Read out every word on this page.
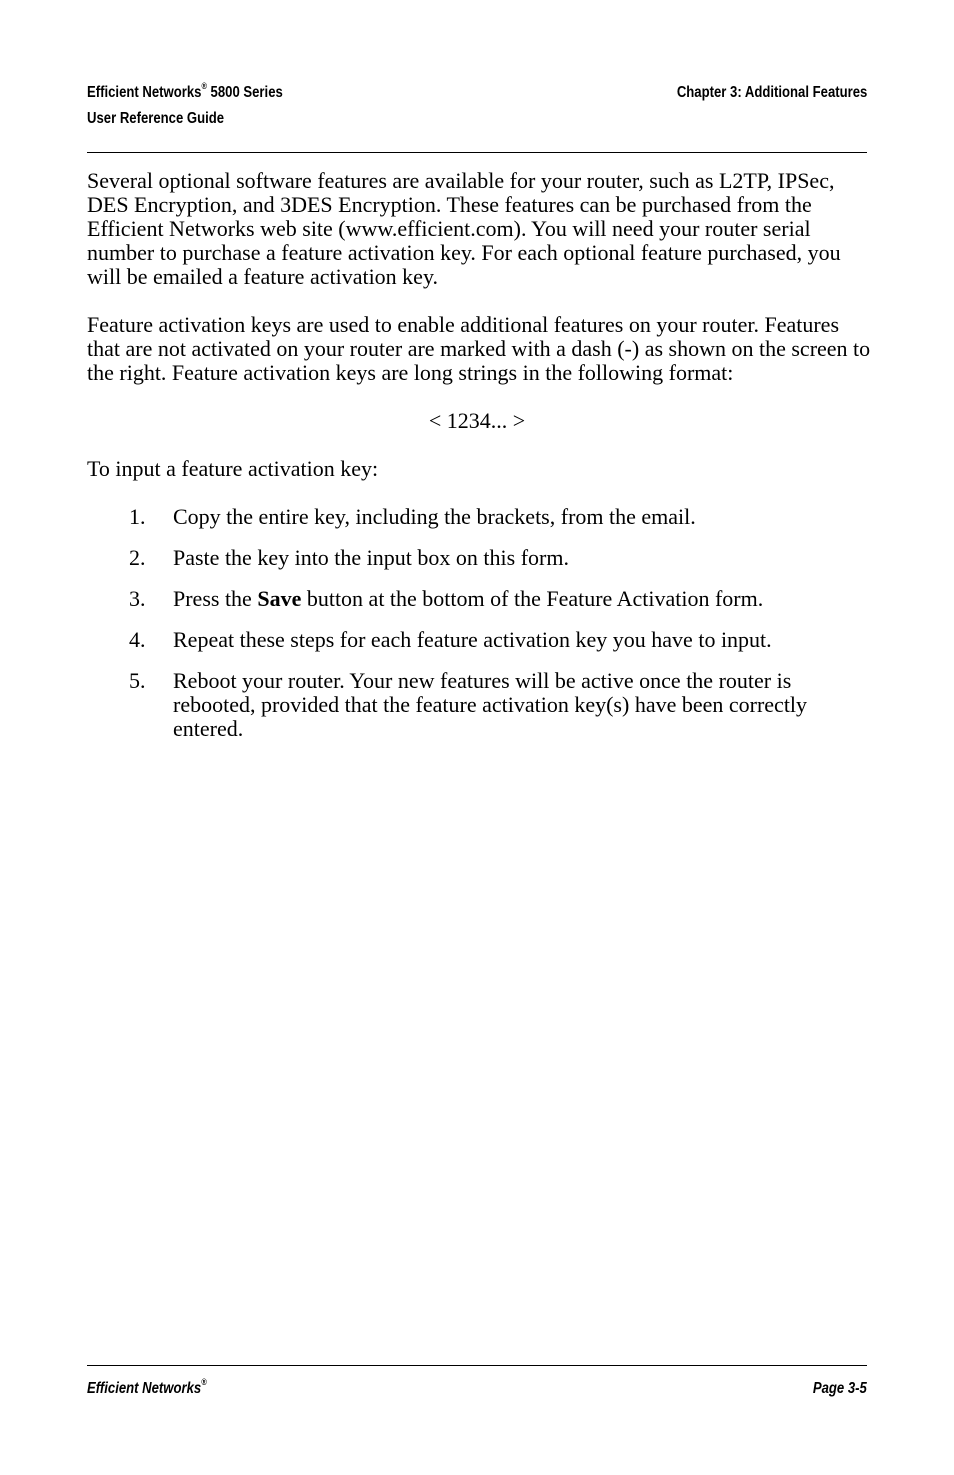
Efficient Networks® 5800 Series
User Reference Guide
Chapter 3: Additional Features

Several optional software features are available for your router, such as L2TP, IPSec, DES Encryption, and 3DES Encryption. These features can be purchased from the Efficient Networks web site (www.efficient.com). You will need your router serial number to purchase a feature activation key. For each optional feature purchased, you will be emailed a feature activation key.

Feature activation keys are used to enable additional features on your router. Features that are not activated on your router are marked with a dash (-) as shown on the screen to the right. Feature activation keys are long strings in the following format:

< 1234... >

To input a feature activation key:

1. Copy the entire key, including the brackets, from the email.
2. Paste the key into the input box on this form.
3. Press the Save button at the bottom of the Feature Activation form.
4. Repeat these steps for each feature activation key you have to input.
5. Reboot your router. Your new features will be active once the router is rebooted, provided that the feature activation key(s) have been correctly entered.
Efficient Networks®	Page 3-5
